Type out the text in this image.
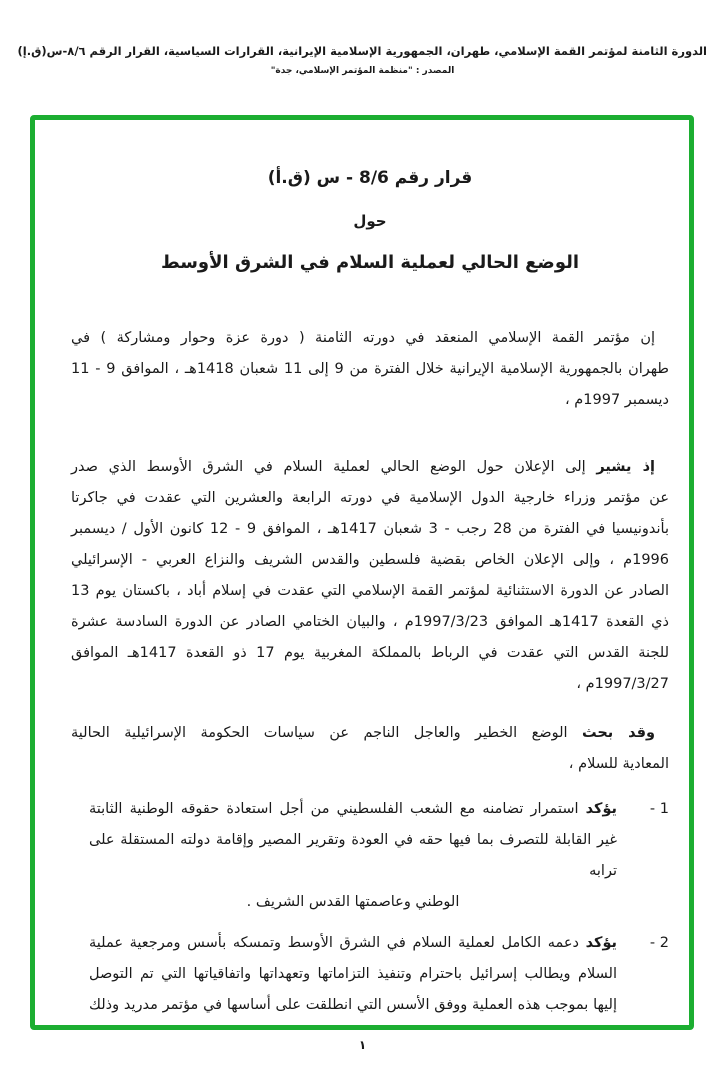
الدورة الثامنة لمؤتمر القمة الإسلامي، طهران، الجمهورية الإسلامية الإيرانية، القرارات السياسية، القرار الرقم ٨/٦-س(ق.إ)
المصدر : "منظمة المؤتمر الإسلامي، جدة"
قرار رقم 8/6 - س (ق.أ)
حول
الوضع الحالي لعملية السلام في الشرق الأوسط
إن مؤتمر القمة الإسلامي المنعقد في دورته الثامنة ( دورة عزة وحوار ومشاركة ) في
طهران بالجمهورية الإسلامية الإيرانية خلال الفترة من 9 إلى 11 شعبان 1418هـ ، الموافق 9 - 11
ديسمبر 1997م ،
إذ يشير إلى الإعلان حول الوضع الحالي لعملية السلام في الشرق الأوسط الذي صدر
عن مؤتمر وزراء خارجية الدول الإسلامية في دورته الرابعة والعشرين التي عقدت في جاكرتا
بأندونيسيا في الفترة من 28 رجب - 3 شعبان 1417هـ ، الموافق 9 - 12 كانون الأول / ديسمبر
1996م ، وإلى الإعلان الخاص بقضية فلسطين والقدس الشريف والنزاع العربي - الإسرائيلي
الصادر عن الدورة الاستثنائية لمؤتمر القمة الإسلامي التي عقدت في إسلام أباد ، باكستان يوم 13
ذي القعدة 1417هـ الموافق 1997/3/23م ، والبيان الختامي الصادر عن الدورة السادسة عشرة
للجنة القدس التي عقدت في الرباط بالمملكة المغربية يوم 17 ذو القعدة 1417هـ الموافق
1997/3/27م ،
وقد بحث الوضع الخطير والعاجل الناجم عن سياسات الحكومة الإسرائيلية الحالية
المعادية للسلام ،
1 -
يؤكد استمرار تضامنه مع الشعب الفلسطيني من أجل استعادة حقوقه الوطنية الثابتة
غير القابلة للتصرف بما فيها حقه في العودة وتقرير المصير وإقامة دولته المستقلة على ترابه
الوطني وعاصمتها القدس الشريف .
2 -
يؤكد دعمه الكامل لعملية السلام في الشرق الأوسط وتمسكه بأسس ومرجعية عملية
السلام ويطالب إسرائيل باحترام وتنفيذ التزاماتها وتعهداتها واتفاقياتها التي تم التوصل
إليها بموجب هذه العملية ووفق الأسس التي انطلقت على أساسها في مؤتمر مدريد وذلك
١
